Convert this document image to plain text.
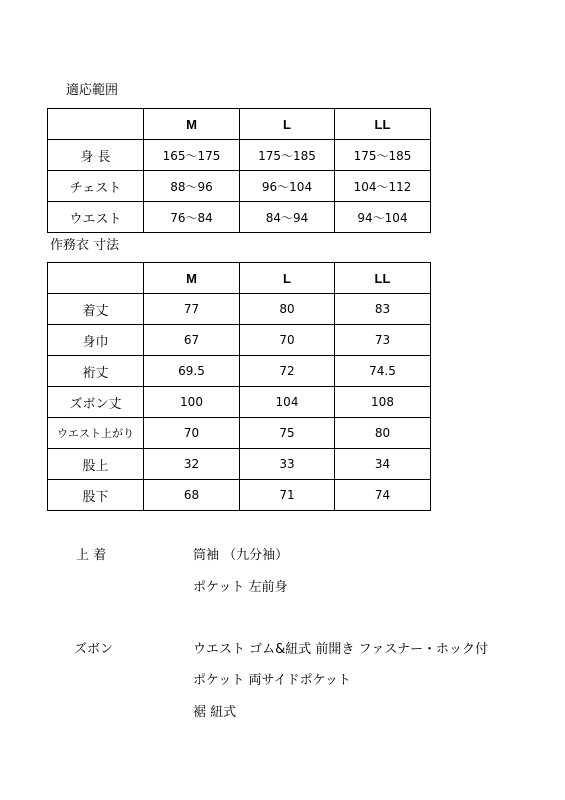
適応範囲
	M	L	LL
身 長	165〜175	175〜185	175〜185
チェスト	88〜96	96〜104	104〜112
ウエスト	76〜84	84〜94	94〜104
作務衣 寸法
	M	L	LL
着丈	77	80	83
身巾	67	70	73
裄丈	69.5	72	74.5
ズボン丈	100	104	108
ウエスト上がり	70	75	80
股上	32	33	34
股下	68	71	74
上 着	筒袖 （九分袖）
ポケット 左前身
ズボン	ウエスト ゴム&紐式 前開き ファスナー・ホック付
ポケット 両サイドポケット
裾 紐式
